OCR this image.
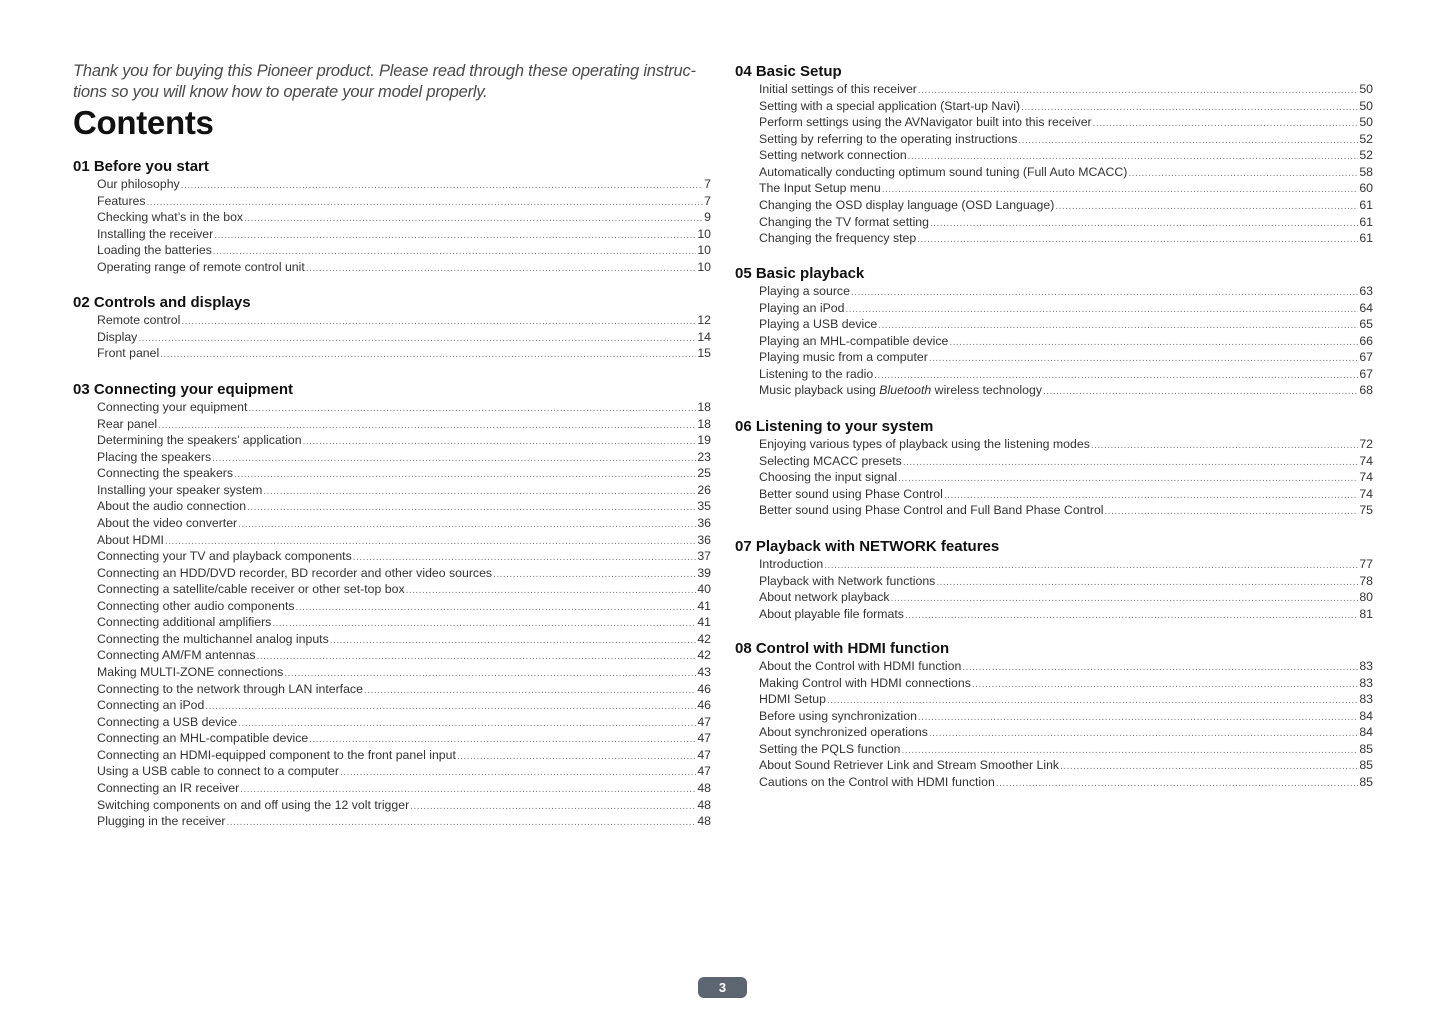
Thank you for buying this Pioneer product. Please read through these operating instruc-tions so you will know how to operate your model properly.
Contents
01 Before you start
Our philosophy .....	7
Features .....	7
Checking what’s in the box .....	9
Installing the receiver .....	10
Loading the batteries .....	10
Operating range of remote control unit .....	10
02 Controls and displays
Remote control .....	12
Display .....	14
Front panel .....	15
03 Connecting your equipment
Connecting your equipment .....	18
Rear panel .....	18
Determining the speakers’ application .....	19
Placing the speakers .....	23
Connecting the speakers .....	25
Installing your speaker system .....	26
About the audio connection .....	35
About the video converter .....	36
About HDMI .....	36
Connecting your TV and playback components .....	37
Connecting an HDD/DVD recorder, BD recorder and other video sources .....	39
Connecting a satellite/cable receiver or other set-top box .....	40
Connecting other audio components .....	41
Connecting additional amplifiers .....	41
Connecting the multichannel analog inputs .....	42
Connecting AM/FM antennas .....	42
Making MULTI-ZONE connections .....	43
Connecting to the network through LAN interface .....	46
Connecting an iPod .....	46
Connecting a USB device .....	47
Connecting an MHL-compatible device .....	47
Connecting an HDMI-equipped component to the front panel input .....	47
Using a USB cable to connect to a computer .....	47
Connecting an IR receiver .....	48
Switching components on and off using the 12 volt trigger .....	48
Plugging in the receiver .....	48
04 Basic Setup
Initial settings of this receiver .....	50
Setting with a special application (Start-up Navi) .....	50
Perform settings using the AVNavigator built into this receiver .....	50
Setting by referring to the operating instructions .....	52
Setting network connection .....	52
Automatically conducting optimum sound tuning (Full Auto MCACC) .....	58
The Input Setup menu .....	60
Changing the OSD display language (OSD Language) .....	61
Changing the TV format setting .....	61
Changing the frequency step .....	61
05 Basic playback
Playing a source .....	63
Playing an iPod .....	64
Playing a USB device .....	65
Playing an MHL-compatible device .....	66
Playing music from a computer .....	67
Listening to the radio .....	67
Music playback using Bluetooth wireless technology .....	68
06 Listening to your system
Enjoying various types of playback using the listening modes .....	72
Selecting MCACC presets .....	74
Choosing the input signal .....	74
Better sound using Phase Control .....	74
Better sound using Phase Control and Full Band Phase Control .....	75
07 Playback with NETWORK features
Introduction .....	77
Playback with Network functions .....	78
About network playback .....	80
About playable file formats .....	81
08 Control with HDMI function
About the Control with HDMI function .....	83
Making Control with HDMI connections .....	83
HDMI Setup .....	83
Before using synchronization .....	84
About synchronized operations .....	84
Setting the PQLS function .....	85
About Sound Retriever Link and Stream Smoother Link .....	85
Cautions on the Control with HDMI function .....	85
3
